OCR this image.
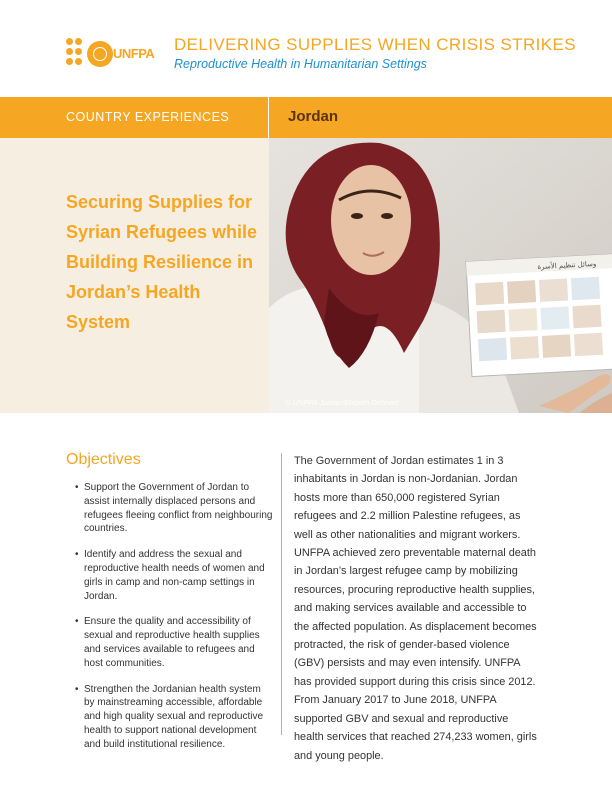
UNFPA DELIVERING SUPPLIES WHEN CRISIS STRIKES
Reproductive Health in Humanitarian Settings
COUNTRY EXPERIENCES	Jordan
Securing Supplies for Syrian Refugees while Building Resilience in Jordan’s Health System
وسائل تنظيم الأسرة
© UNFPA Jordan/Elspeth Dehnert
Objectives
• Support the Government of Jordan to assist internally displaced persons and refugees fleeing conflict from neighbouring countries.
• Identify and address the sexual and reproductive health needs of women and girls in camp and non-camp settings in Jordan.
• Ensure the quality and accessibility of sexual and reproductive health supplies and services available to refugees and host communities.
• Strengthen the Jordanian health system by mainstreaming accessible, affordable and high quality sexual and reproductive health to support national development and build institutional resilience.
The Government of Jordan estimates 1 in 3 inhabitants in Jordan is non-Jordanian. Jordan hosts more than 650,000 registered Syrian refugees and 2.2 million Palestine refugees, as well as other nationalities and migrant workers. UNFPA achieved zero preventable maternal death in Jordan’s largest refugee camp by mobilizing resources, procuring reproductive health supplies, and making services available and accessible to the affected population. As displacement becomes protracted, the risk of gender-based violence (GBV) persists and may even intensify. UNFPA has provided support during this crisis since 2012. From January 2017 to June 2018, UNFPA supported GBV and sexual and reproductive health services that reached 274,233 women, girls and young people.
